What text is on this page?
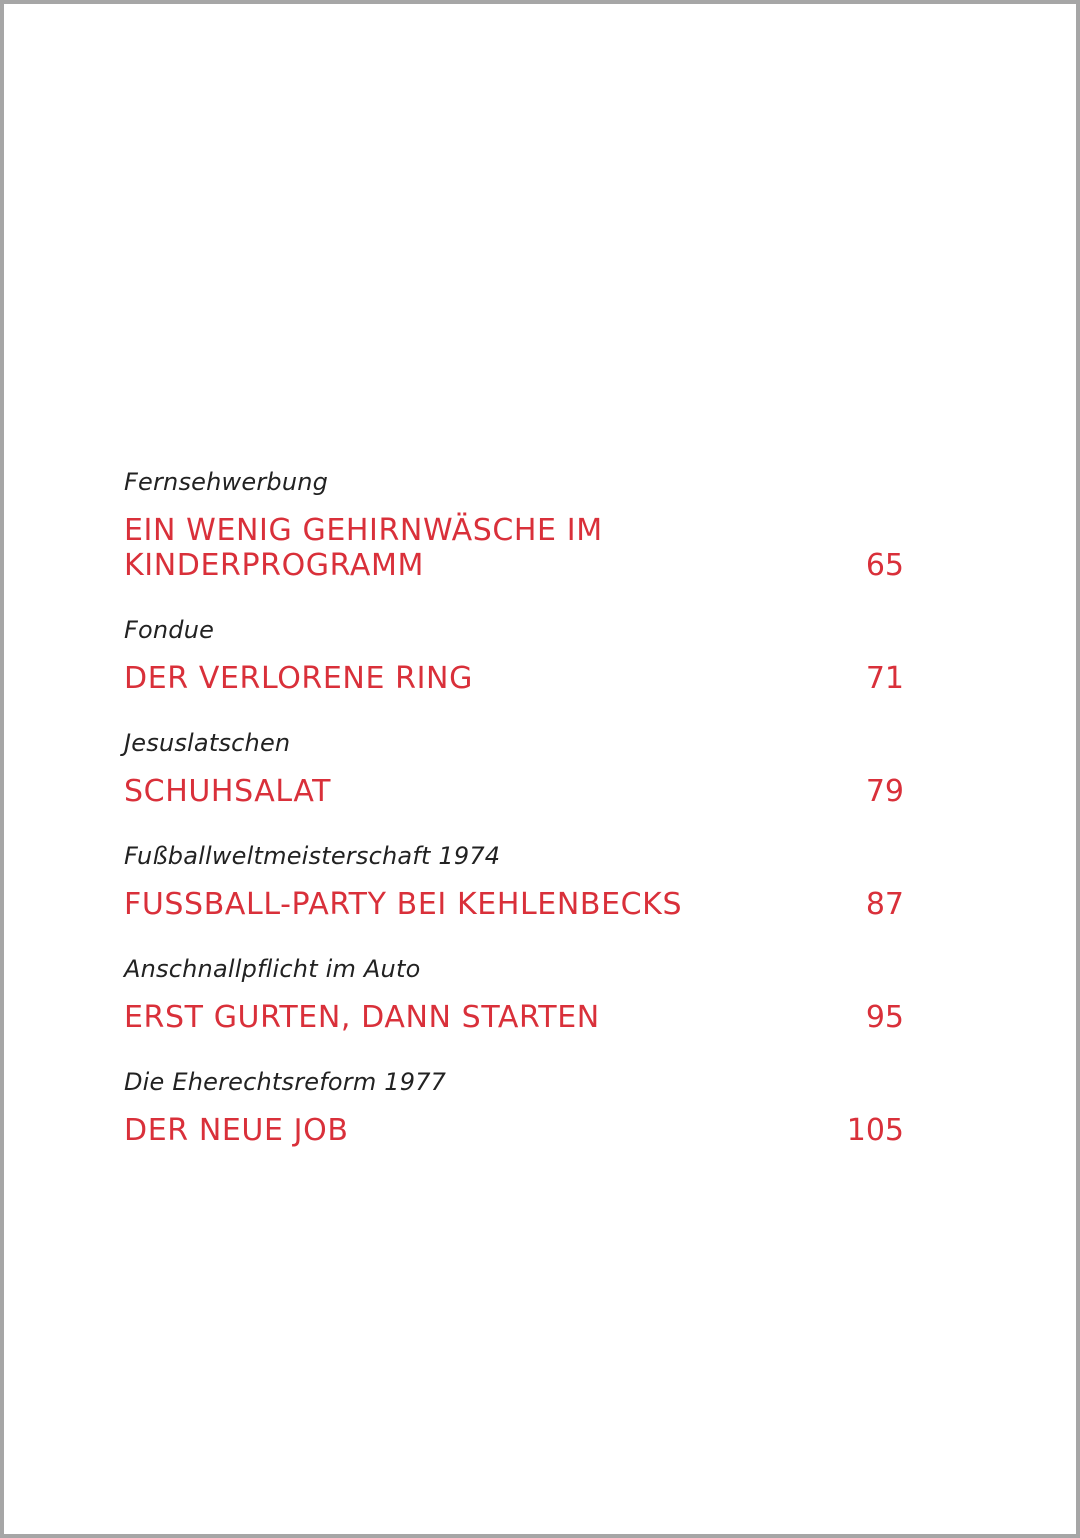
Fernsehwerbung
EIN WENIG GEHIRNWÄSCHE IM
KINDERPROGRAMM	65
Fondue
DER VERLORENE RING	71
Jesuslatschen
SCHUHSALAT	79
Fußballweltmeisterschaft 1974
FUSSBALL-PARTY BEI KEHLENBECKS	87
Anschnallpflicht im Auto
ERST GURTEN, DANN STARTEN	95
Die Eherechtsreform 1977
DER NEUE JOB	105
